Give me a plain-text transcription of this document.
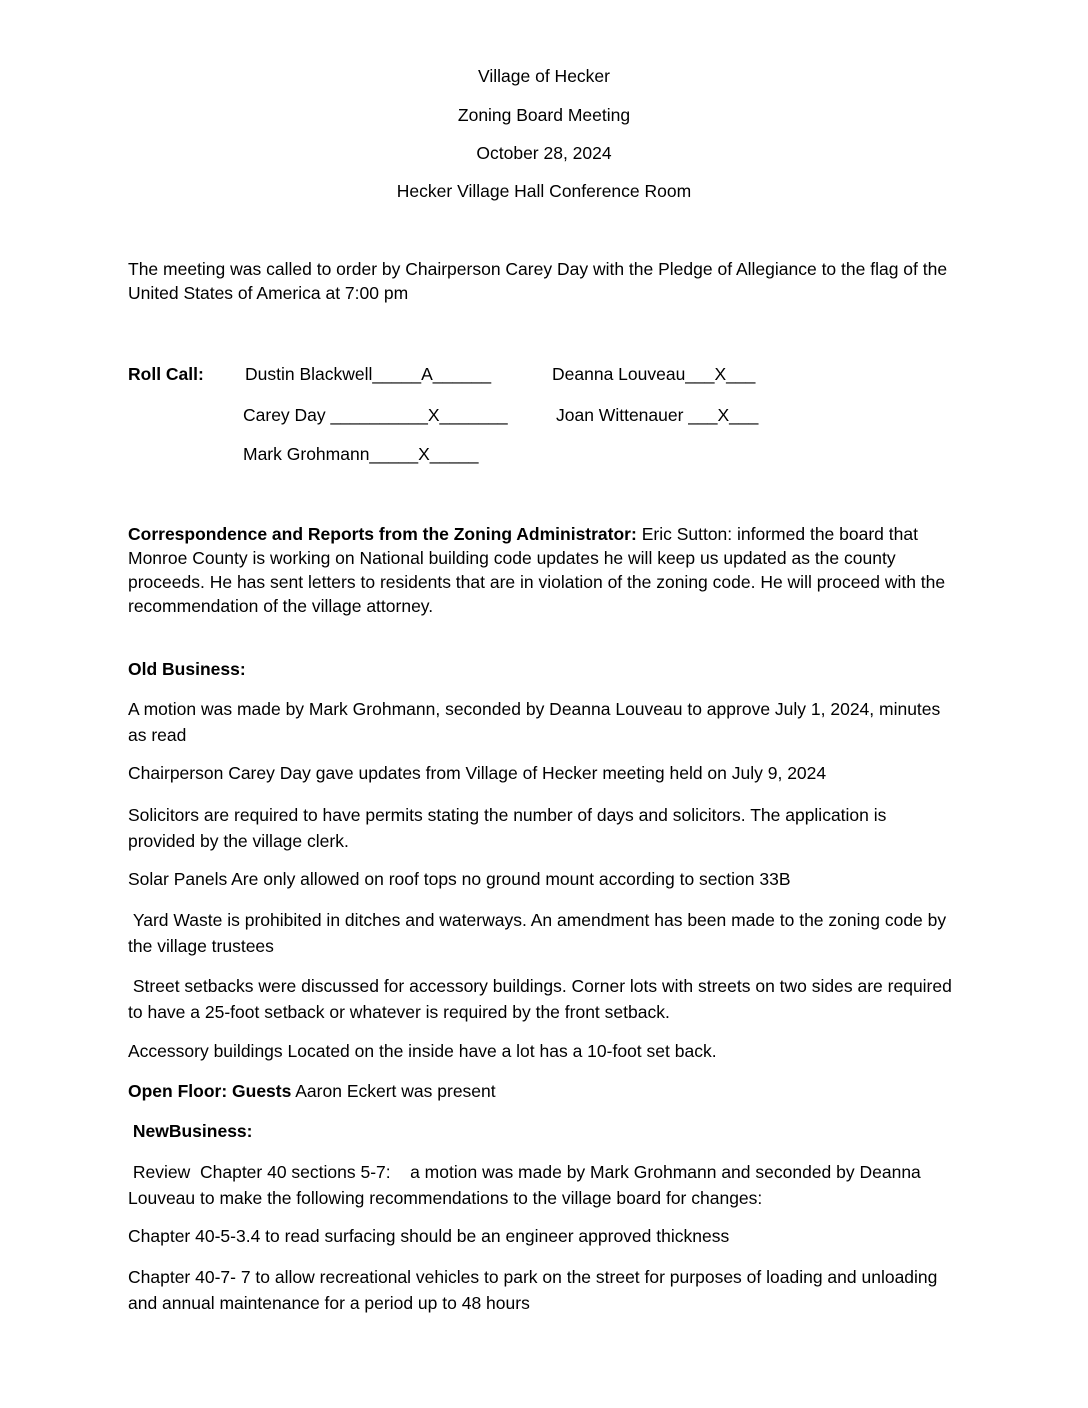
Village of Hecker
Zoning Board Meeting
October 28, 2024
Hecker Village Hall Conference Room
The meeting was called to order by Chairperson Carey Day with the Pledge of Allegiance to the flag of the United States of America at 7:00 pm
Roll Call: Dustin Blackwell_____A______	Deanna Louveau___X___
Carey Day __________X_______	Joan Wittenauer ___X___
Mark Grohmann_____X_____
Correspondence and Reports from the Zoning Administrator: Eric Sutton: informed the board that Monroe County is working on National building code updates he will keep us updated as the county proceeds. He has sent letters to residents that are in violation of the zoning code. He will proceed with the recommendation of the village attorney.
Old Business:
A motion was made by Mark Grohmann, seconded by Deanna Louveau to approve July 1, 2024, minutes as read
Chairperson Carey Day gave updates from Village of Hecker meeting held on July 9, 2024
Solicitors are required to have permits stating the number of days and solicitors. The application is provided by the village clerk.
Solar Panels Are only allowed on roof tops no ground mount according to section 33B
Yard Waste is prohibited in ditches and waterways. An amendment has been made to the zoning code by the village trustees
Street setbacks were discussed for accessory buildings. Corner lots with streets on two sides are required to have a 25-foot setback or whatever is required by the front setback.
Accessory buildings Located on the inside have a lot has a 10-foot set back.
Open Floor: Guests Aaron Eckert was present
NewBusiness:
Review  Chapter 40 sections 5-7:    a motion was made by Mark Grohmann and seconded by Deanna Louveau to make the following recommendations to the village board for changes:
Chapter 40-5-3.4 to read surfacing should be an engineer approved thickness
Chapter 40-7- 7 to allow recreational vehicles to park on the street for purposes of loading and unloading and annual maintenance for a period up to 48 hours
